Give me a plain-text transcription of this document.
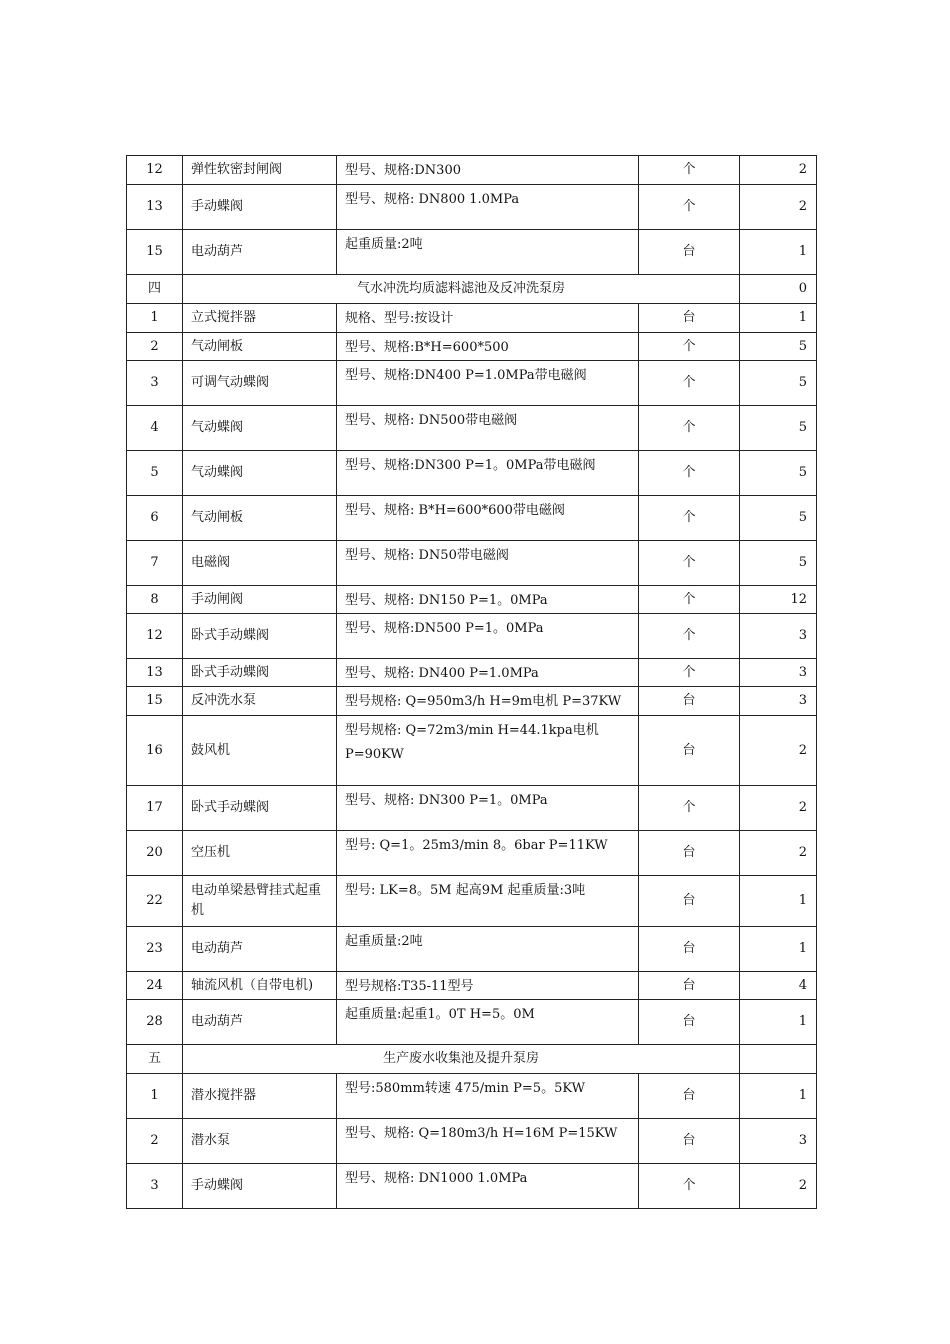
12	弹性软密封闸阀	型号、规格:DN300	个	2
13	手动蝶阀	型号、规格: DN800 1.0MPa	个	2
15	电动葫芦	起重质量:2吨	台	1
四	气水冲洗均质滤料滤池及反冲洗泵房			0
1	立式搅拌器	规格、型号:按设计	台	1
2	气动闸板	型号、规格:B*H=600*500	个	5
3	可调气动蝶阀	型号、规格:DN400 P=1.0MPa带电磁阀	个	5
4	气动蝶阀	型号、规格: DN500带电磁阀	个	5
5	气动蝶阀	型号、规格:DN300 P=1。0MPa带电磁阀	个	5
6	气动闸板	型号、规格: B*H=600*600带电磁阀	个	5
7	电磁阀	型号、规格: DN50带电磁阀	个	5
8	手动闸阀	型号、规格: DN150 P=1。0MPa	个	12
12	卧式手动蝶阀	型号、规格:DN500 P=1。0MPa	个	3
13	卧式手动蝶阀	型号、规格: DN400 P=1.0MPa	个	3
15	反冲洗水泵	型号规格: Q=950m3/h H=9m电机 P=37KW	台	3
16	鼓风机	型号规格: Q=72m3/min H=44.1kpa电机 P=90KW	台	2
17	卧式手动蝶阀	型号、规格: DN300 P=1。0MPa	个	2
20	空压机	型号: Q=1。25m3/min 8。6bar P=11KW	台	2
22	电动单梁悬臂挂式起重机	型号: LK=8。5M 起高9M 起重质量:3吨	台	1
23	电动葫芦	起重质量:2吨	台	1
24	轴流风机（自带电机)	型号规格:T35-11型号	台	4
28	电动葫芦	起重质量:起重1。0T H=5。0M	台	1
五	生产废水收集池及提升泵房			
1	潜水搅拌器	型号:580mm转速 475/min P=5。5KW	台	1
2	潜水泵	型号、规格: Q=180m3/h H=16M P=15KW	台	3
3	手动蝶阀	型号、规格: DN1000 1.0MPa	个	2
